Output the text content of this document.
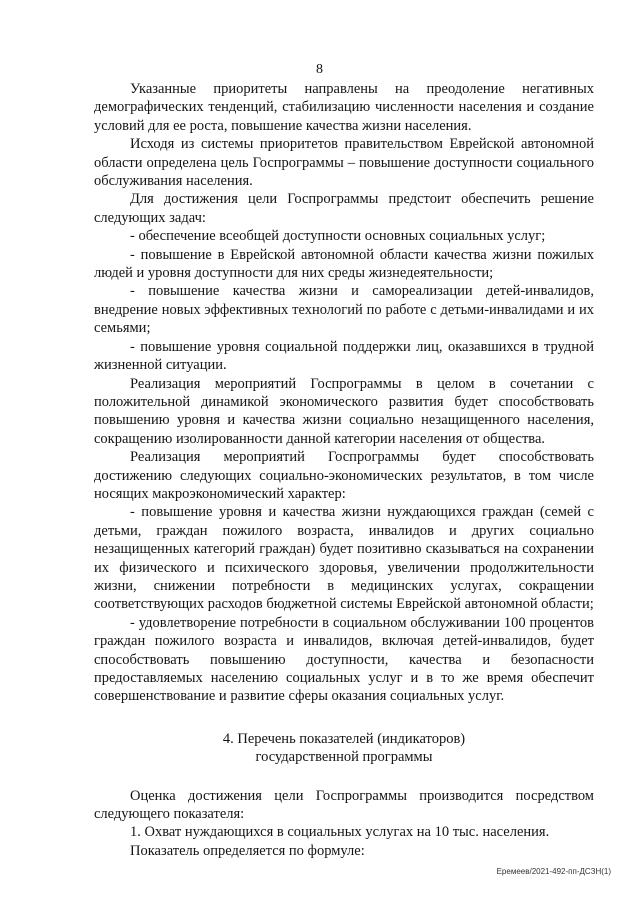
8

Указанные приоритеты направлены на преодоление негативных демографических тенденций, стабилизацию численности населения и создание условий для ее роста, повышение качества жизни населения.

Исходя из системы приоритетов правительством Еврейской автономной области определена цель Госпрограммы – повышение доступности социального обслуживания населения.

Для достижения цели Госпрограммы предстоит обеспечить решение следующих задач:

- обеспечение всеобщей доступности основных социальных услуг;

- повышение в Еврейской автономной области качества жизни пожилых людей и уровня доступности для них среды жизнедеятельности;

- повышение качества жизни и самореализации детей-инвалидов, внедрение новых эффективных технологий по работе с детьми-инвалидами и их семьями;

- повышение уровня социальной поддержки лиц, оказавшихся в трудной жизненной ситуации.

Реализация мероприятий Госпрограммы в целом в сочетании с положительной динамикой экономического развития будет способствовать повышению уровня и качества жизни социально незащищенного населения, сокращению изолированности данной категории населения от общества.

Реализация мероприятий Госпрограммы будет способствовать достижению следующих социально-экономических результатов, в том числе носящих макроэкономический характер:

- повышение уровня и качества жизни нуждающихся граждан (семей с детьми, граждан пожилого возраста, инвалидов и других социально незащищенных категорий граждан) будет позитивно сказываться на сохранении их физического и психического здоровья, увеличении продолжительности жизни, снижении потребности в медицинских услугах, сокращении соответствующих расходов бюджетной системы Еврейской автономной области;

- удовлетворение потребности в социальном обслуживании 100 процентов граждан пожилого возраста и инвалидов, включая детей-инвалидов, будет способствовать повышению доступности, качества и безопасности предоставляемых населению социальных услуг и в то же время обеспечит совершенствование и развитие сферы оказания социальных услуг.

4. Перечень показателей (индикаторов)
государственной программы

Оценка достижения цели Госпрограммы производится посредством следующего показателя:

1. Охват нуждающихся в социальных услугах на 10 тыс. населения.

Показатель определяется по формуле:

Еремеев/2021-492-пп-ДСЗН(1)
